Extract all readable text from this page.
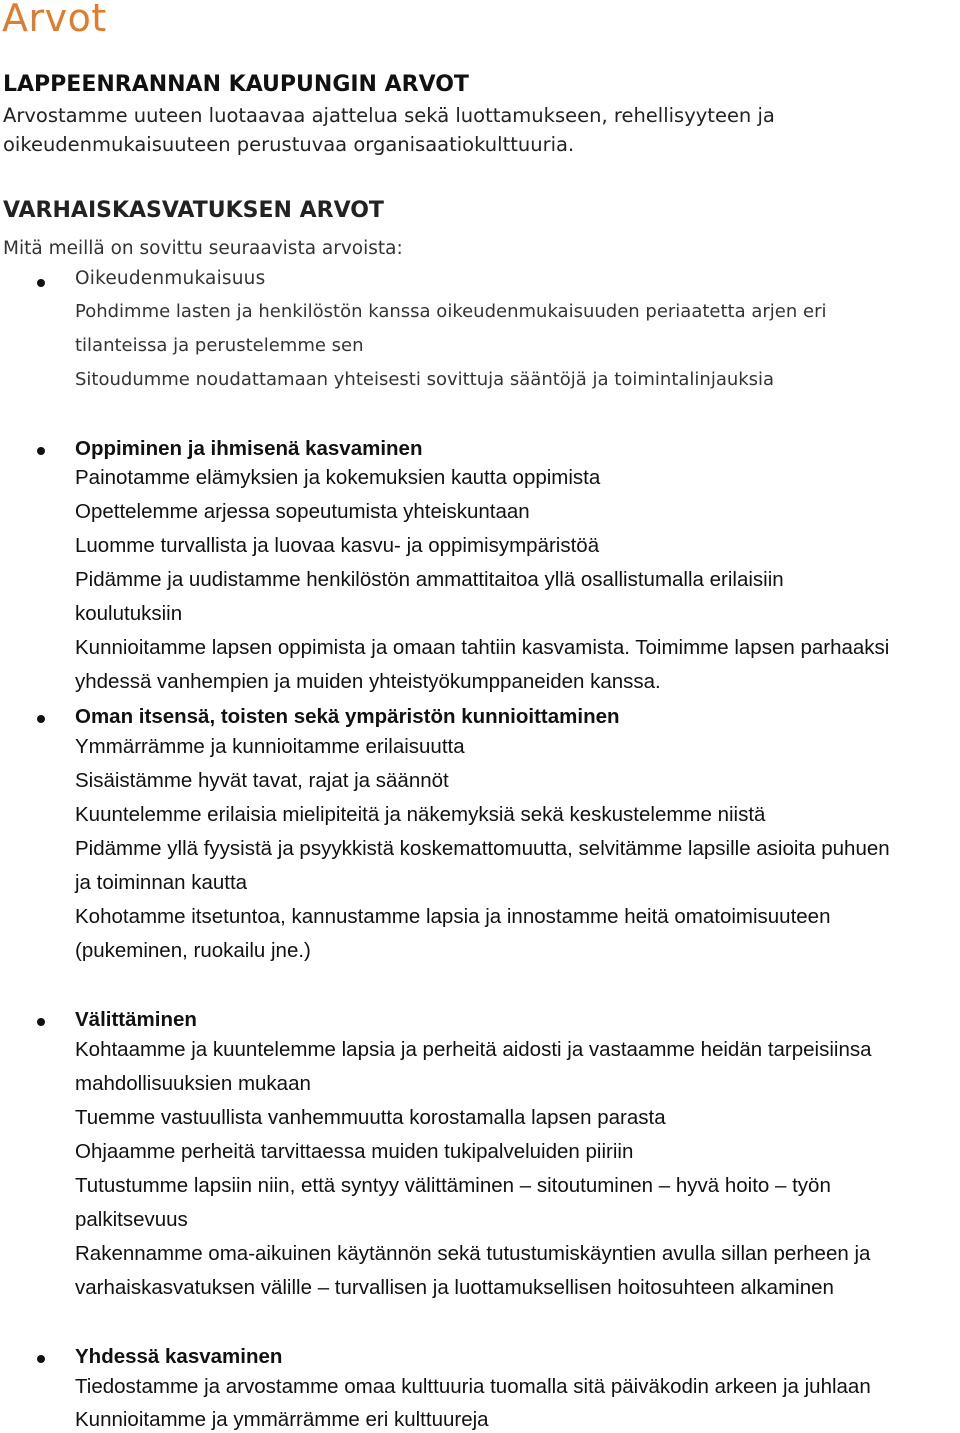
Arvot
LAPPEENRANNAN KAUPUNGIN ARVOT
Arvostamme uuteen luotaavaa ajattelua sekä luottamukseen, rehellisyyteen ja
oikeudenmukaisuuteen perustuvaa organisaatiokulttuuria.
VARHAISKASVATUKSEN ARVOT

Mitä meillä on sovittu seuraavista arvoista:

Oikeudenmukaisuus

Pohdimme lasten ja henkilöstön kanssa oikeudenmukaisuuden periaatetta arjen eri

tilanteissa ja perustelemme sen

Sitoudumme noudattamaan yhteisesti sovittuja sääntöjä ja toimintalinjauksia

Oppiminen ja ihmisenä kasvaminen

Painotamme elämyksien ja kokemuksien kautta oppimista

Opettelemme arjessa sopeutumista yhteiskuntaan

Luomme turvallista ja luovaa kasvu- ja oppimisympäristöä

Pidämme ja uudistamme henkilöstön ammattitaitoa yllä osallistumalla erilaisiin

koulutuksiin

Kunnioitamme lapsen oppimista ja omaan tahtiin kasvamista. Toimimme lapsen parhaaksi

yhdessä vanhempien ja muiden yhteistyökumppaneiden kanssa.

Oman itsensä, toisten sekä ympäristön kunnioittaminen

Ymmärrämme ja kunnioitamme erilaisuutta

Sisäistämme hyvät tavat, rajat ja säännöt

Kuuntelemme erilaisia mielipiteitä ja näkemyksiä sekä keskustelemme niistä

Pidämme yllä fyysistä ja psyykkistä koskemattomuutta, selvitämme lapsille asioita puhuen

ja toiminnan kautta

Kohotamme itsetuntoa, kannustamme lapsia ja innostamme heitä omatoimisuuteen

(pukeminen, ruokailu jne.)

Välittäminen

Kohtaamme ja kuuntelemme lapsia ja perheitä aidosti ja vastaamme heidän tarpeisiinsa

mahdollisuuksien mukaan

Tuemme vastuullista vanhemmuutta korostamalla lapsen parasta

Ohjaamme perheitä tarvittaessa muiden tukipalveluiden piiriin

Tutustumme lapsiin niin, että syntyy välittäminen – sitoutuminen – hyvä hoito – työn

palkitsevuus

Rakennamme oma-aikuinen käytännön sekä tutustumiskäyntien avulla sillan perheen ja

varhaiskasvatuksen välille – turvallisen ja luottamuksellisen hoitosuhteen alkaminen

Yhdessä kasvaminen

Tiedostamme ja arvostamme omaa kulttuuria tuomalla sitä päiväkodin arkeen ja juhlaan

Kunnioitamme ja ymmärrämme eri kulttuureja
